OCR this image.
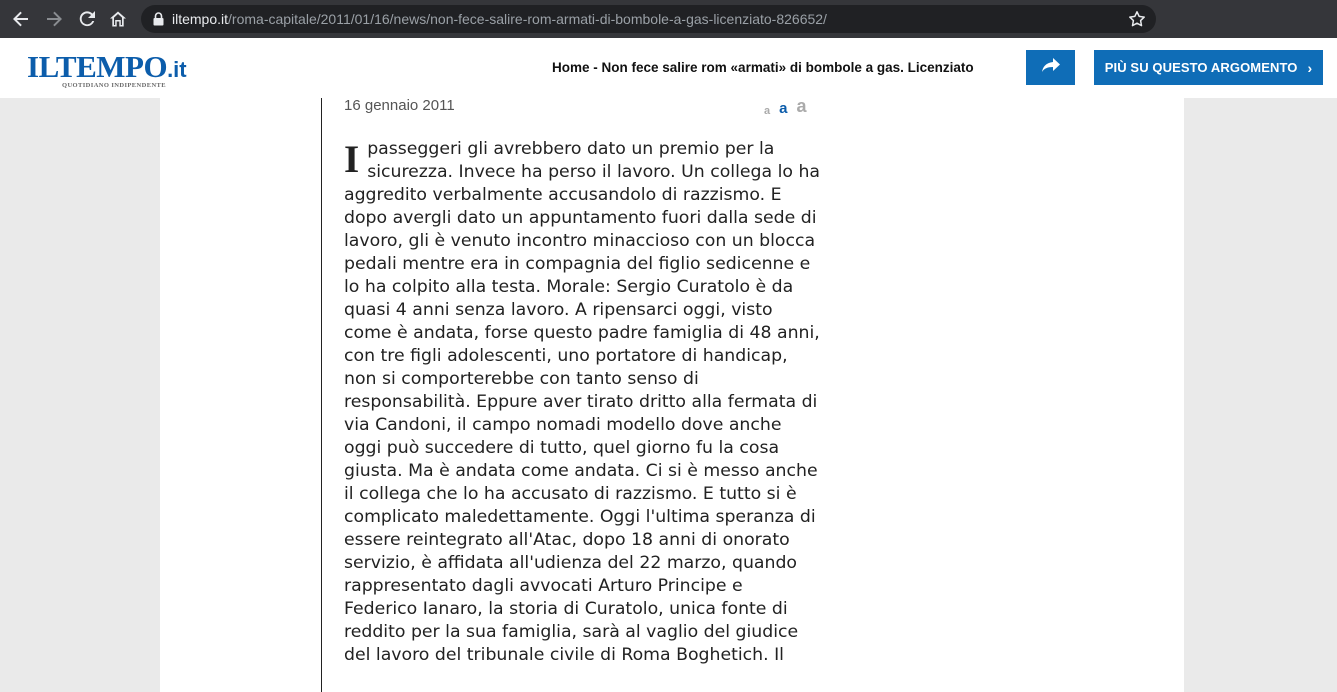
iltempo.it/roma-capitale/2011/01/16/news/non-fece-salire-rom-armati-di-bombole-a-gas-licenziato-826652/
ILTEMPO.it
QUOTIDIANO INDIPENDENTE
Home - Non fece salire rom «armati» di bombole a gas. Licenziato	PIÙ SU QUESTO ARGOMENTO ›
16 gennaio 2011	a a a
Ipasseggeri gli avrebbero dato un premio per la sicurezza. Invece ha perso il lavoro. Un collega lo ha aggredito verbalmente accusandolo di razzismo. E dopo avergli dato un appuntamento fuori dalla sede di lavoro, gli è venuto incontro minaccioso con un blocca pedali mentre era in compagnia del figlio sedicenne e lo ha colpito alla testa. Morale: Sergio Curatolo è da quasi 4 anni senza lavoro. A ripensarci oggi, visto come è andata, forse questo padre famiglia di 48 anni, con tre figli adolescenti, uno portatore di handicap, non si comporterebbe con tanto senso di responsabilità. Eppure aver tirato dritto alla fermata di via Candoni, il campo nomadi modello dove anche oggi può succedere di tutto, quel giorno fu la cosa giusta. Ma è andata come andata. Ci si è messo anche il collega che lo ha accusato di razzismo. E tutto si è complicato maledettamente. Oggi l'ultima speranza di essere reintegrato all'Atac, dopo 18 anni di onorato servizio, è affidata all'udienza del 22 marzo, quando rappresentato dagli avvocati Arturo Principe e Federico Ianaro, la storia di Curatolo, unica fonte di reddito per la sua famiglia, sarà al vaglio del giudice del lavoro del tribunale civile di Roma Boghetich. Il
